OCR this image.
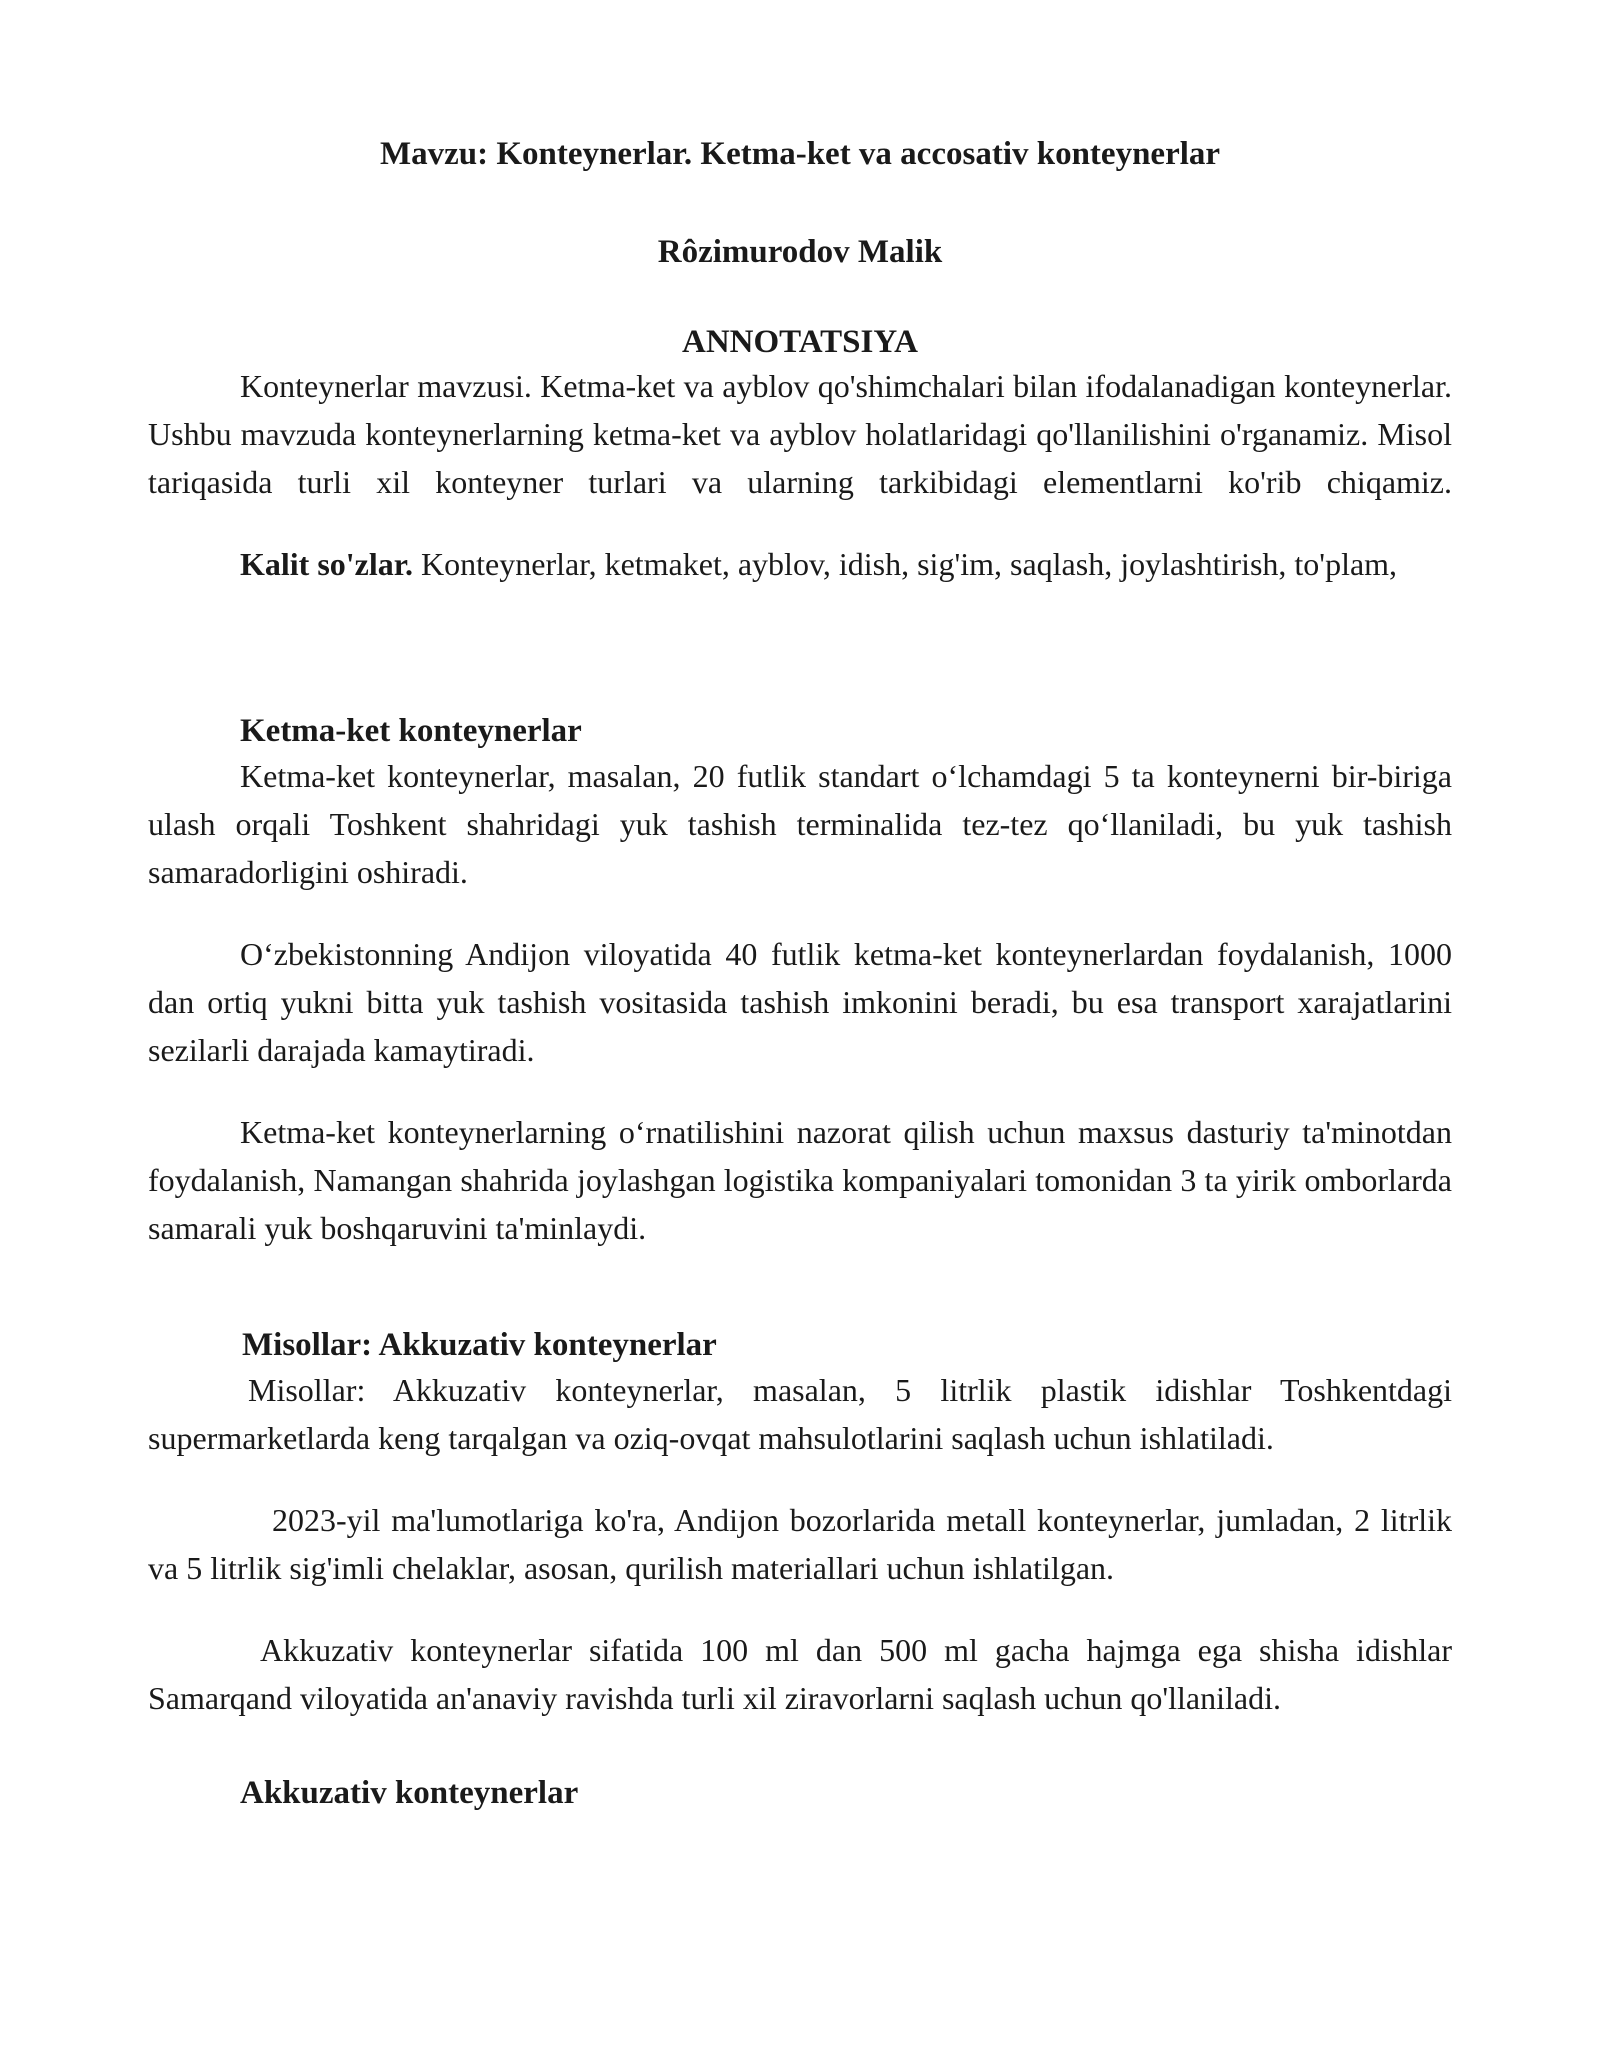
Mavzu: Konteynerlar. Ketma-ket va accosativ konteynerlar
Rôzimurodov Malik
ANNOTATSIYA

Konteynerlar mavzusi. Ketma-ket va ayblov qo'shimchalari bilan ifodalanadigan konteynerlar. Ushbu mavzuda konteynerlarning ketma-ket va ayblov holatlaridagi qo'llanilishini o'rganamiz. Misol tariqasida turli xil konteyner turlari va ularning tarkibidagi elementlarni ko'rib chiqamiz.

Kalit so'zlar. Konteynerlar, ketmaket, ayblov, idish, sig'im, saqlash, joylashtirish, to'plam,

Ketma-ket konteynerlar

Ketma-ket konteynerlar, masalan, 20 futlik standart o‘lchamdagi 5 ta konteynerni bir-biriga ulash orqali Toshkent shahridagi yuk tashish terminalida tez-tez qo‘llaniladi, bu yuk tashish samaradorligini oshiradi.

O‘zbekistonning Andijon viloyatida 40 futlik ketma-ket konteynerlardan foydalanish, 1000 dan ortiq yukni bitta yuk tashish vositasida tashish imkonini beradi, bu esa transport xarajatlarini sezilarli darajada kamaytiradi.

Ketma-ket konteynerlarning o‘rnatilishini nazorat qilish uchun maxsus dasturiy ta'minotdan foydalanish, Namangan shahrida joylashgan logistika kompaniyalari tomonidan 3 ta yirik omborlarda samarali yuk boshqaruvini ta'minlaydi.

Misollar: Akkuzativ konteynerlar

Misollar: Akkuzativ konteynerlar, masalan, 5 litrlik plastik idishlar Toshkentdagi supermarketlarda keng tarqalgan va oziq-ovqat mahsulotlarini saqlash uchun ishlatiladi.

2023-yil ma'lumotlariga ko'ra, Andijon bozorlarida metall konteynerlar, jumladan, 2 litrlik va 5 litrlik sig'imli chelaklar, asosan, qurilish materiallari uchun ishlatilgan.

Akkuzativ konteynerlar sifatida 100 ml dan 500 ml gacha hajmga ega shisha idishlar Samarqand viloyatida an'anaviy ravishda turli xil ziravorlarni saqlash uchun qo'llaniladi.

Akkuzativ konteynerlar
